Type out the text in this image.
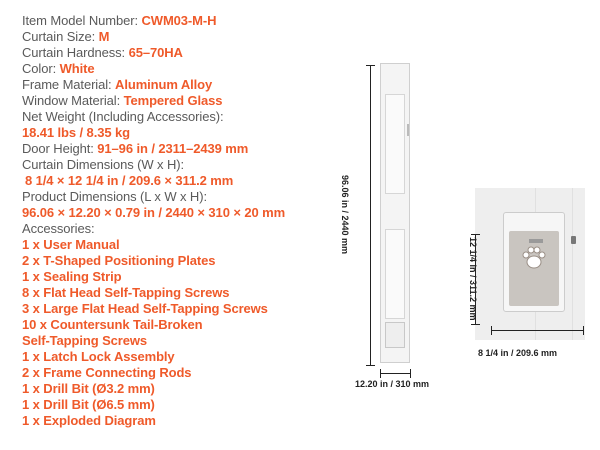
Item Model Number: CWM03-M-H
Curtain Size: M
Curtain Hardness: 65–70HA
Color: White
Frame Material: Aluminum Alloy
Window Material: Tempered Glass
Net Weight (Including Accessories):
18.41 lbs / 8.35 kg
Door Height: 91–96 in / 2311–2439 mm
Curtain Dimensions (W x H):
8 1/4 × 12 1/4 in / 209.6 × 311.2 mm
Product Dimensions (L x W x H):
96.06 × 12.20 × 0.79 in / 2440 × 310 × 20 mm
Accessories:
1 x User Manual
2 x T-Shaped Positioning Plates
1 x Sealing Strip
8 x Flat Head Self-Tapping Screws
3 x Large Flat Head Self-Tapping Screws
10 x Countersunk Tail-Broken
Self-Tapping Screws
1 x Latch Lock Assembly
2 x Frame Connecting Rods
1 x Drill Bit (Ø3.2 mm)
1 x Drill Bit (Ø6.5 mm)
1 x Exploded Diagram
96.06 in / 2440 mm
12.20 in / 310 mm
12 1/4 in / 311.2 mm
8 1/4 in / 209.6 mm
